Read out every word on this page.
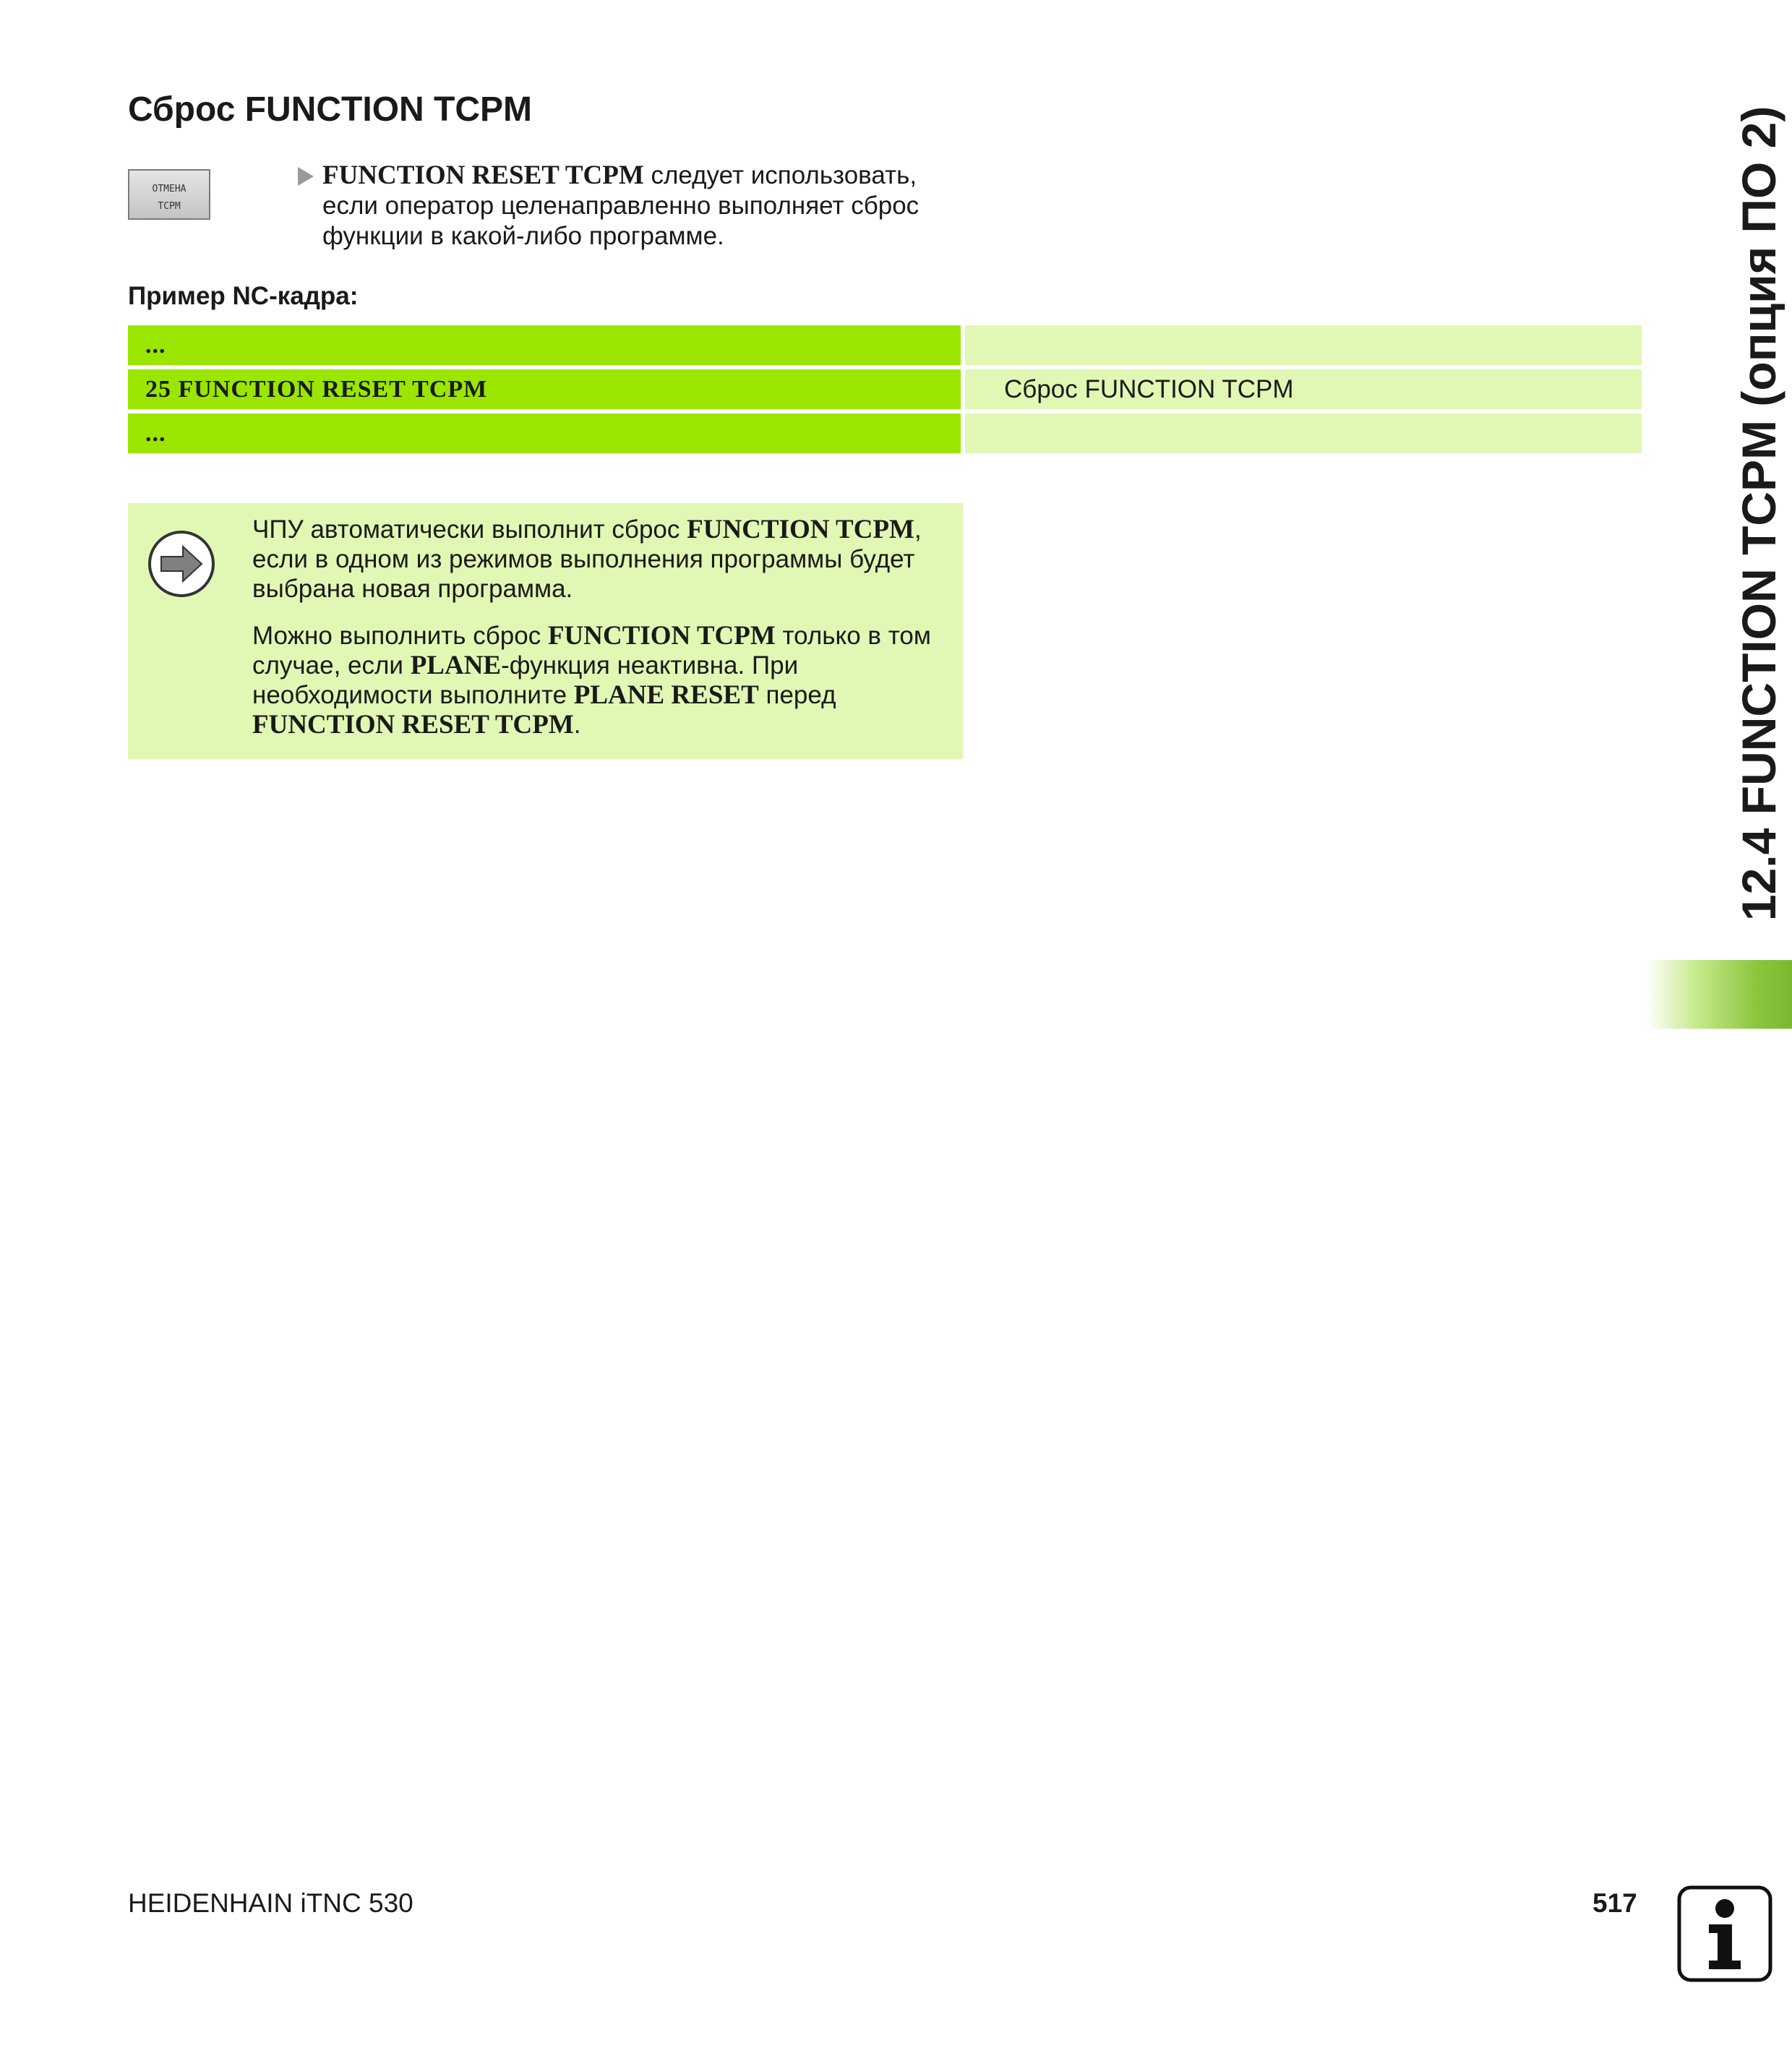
Сброс FUNCTION TCPM
ОТМЕНА
TCPM
FUNCTION RESET TCPM следует использовать,
если оператор целенаправленно выполняет сброс
функции в какой-либо программе.
Пример NC-кадра:
...
25 FUNCTION RESET TCPM	Сброс FUNCTION TCPM
...

ЧПУ автоматически выполнит сброс FUNCTION TCPM, если в одном из режимов выполнения программы будет выбрана новая программа.

Можно выполнить сброс FUNCTION TCPM только в том случае, если PLANE-функция неактивна. При необходимости выполните PLANE RESET перед FUNCTION RESET TCPM.	12.4 FUNCTION TCPM (опция ПО 2)
HEIDENHAIN iTNC 530	517
